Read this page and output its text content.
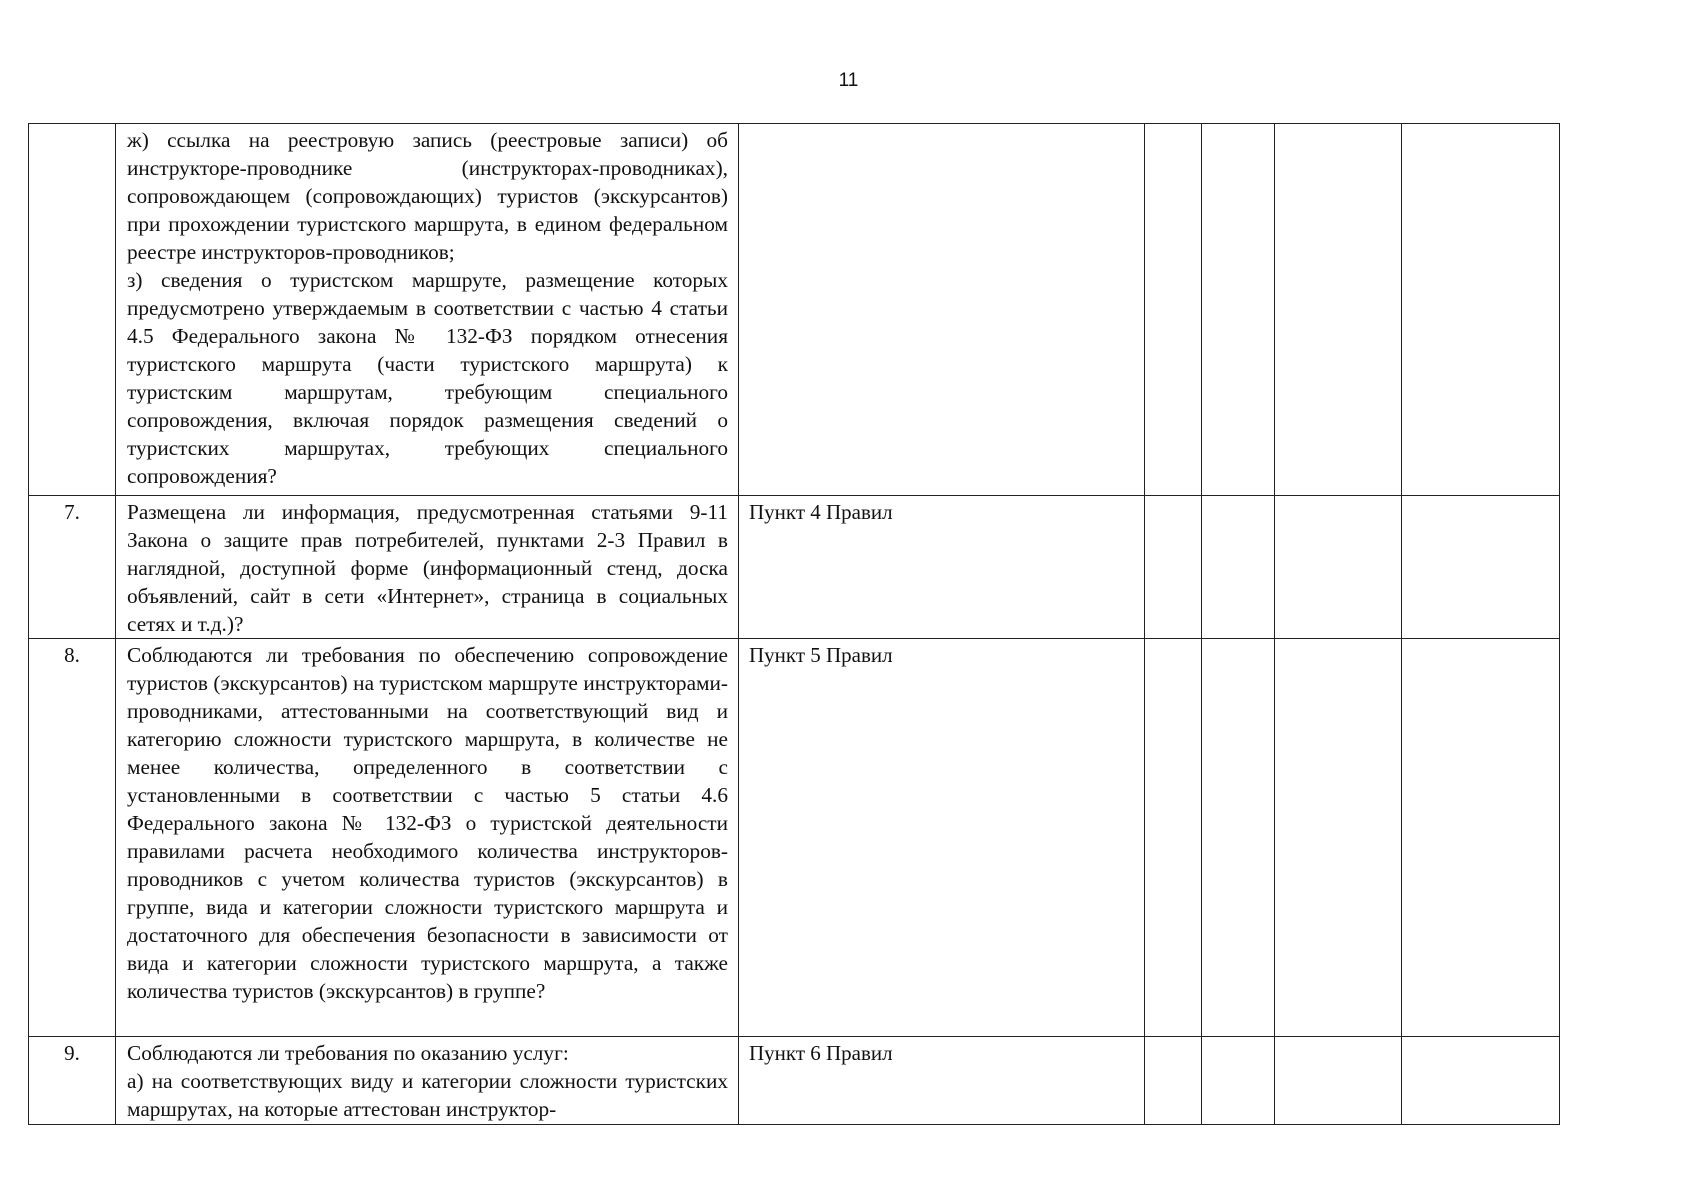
11

	ж) ссылка на реестровую запись (реестровые записи) об инструкторе-проводнике (инструкторах-проводниках), сопровождающем (сопровождающих) туристов (экскурсантов) при прохождении туристского маршрута, в едином федеральном реестре инструкторов-проводников;

з) сведения о туристском маршруте, размещение которых предусмотрено утверждаемым в соответствии с частью 4 статьи 4.5 Федерального закона № 132-ФЗ порядком отнесения туристского маршрута (части туристского маршрута) к туристским маршрутам, требующим специального сопровождения, включая порядок размещения сведений о туристских маршрутах, требующих специального сопровождения?					

7.	Размещена ли информация, предусмотренная статьями 9-11 Закона о защите прав потребителей, пунктами 2-3 Правил в наглядной, доступной форме (информационный стенд, доска объявлений, сайт в сети «Интернет», страница в социальных сетях и т.д.)?	Пункт 4 Правил				
8.	Соблюдаются ли требования по обеспечению сопровождение туристов (экскурсантов) на туристском маршруте инструкторами-проводниками, аттестованными на соответствующий вид и категорию сложности туристского маршрута, в количестве не менее количества, определенного в соответствии с установленными в соответствии с частью 5 статьи 4.6 Федерального закона № 132-ФЗ о туристской деятельности правилами расчета необходимого количества инструкторов- проводников с учетом количества туристов (экскурсантов) в группе, вида и категории сложности туристского маршрута и достаточного для обеспечения безопасности в зависимости от вида и категории сложности туристского маршрута, а также количества туристов (экскурсантов) в группе?	Пункт 5 Правил				
9.	Соблюдаются ли требования по оказанию услуг:

а) на соответствующих виду и категории сложности туристских маршрутах, на которые аттестован инструктор-	Пункт 6 Правил				
